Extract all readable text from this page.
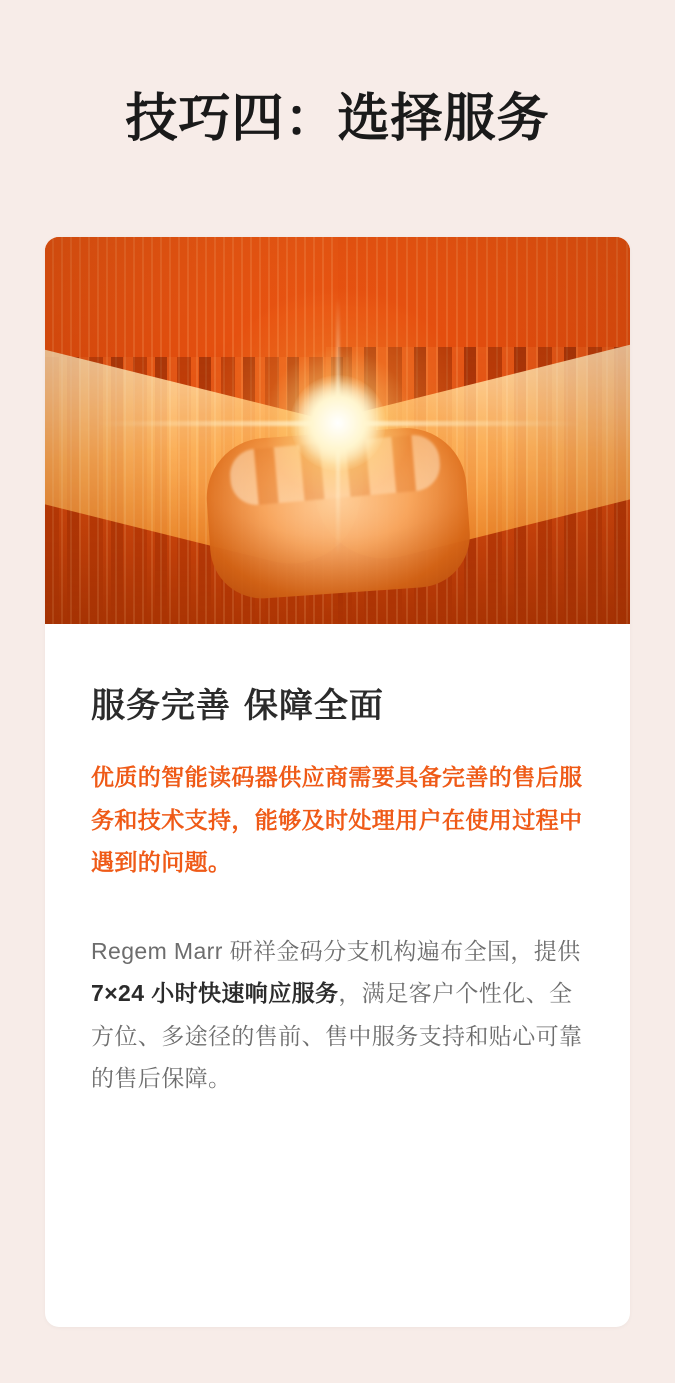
技巧四：选择服务
服务完善 保障全面

优质的智能读码器供应商需要具备完善的售后服务和技术支持，能够及时处理用户在使用过程中遇到的问题。

Regem Marr 研祥金码分支机构遍布全国，提供 7×24 小时快速响应服务，满足客户个性化、全方位、多途径的售前、售中服务支持和贴心可靠的售后保障。
